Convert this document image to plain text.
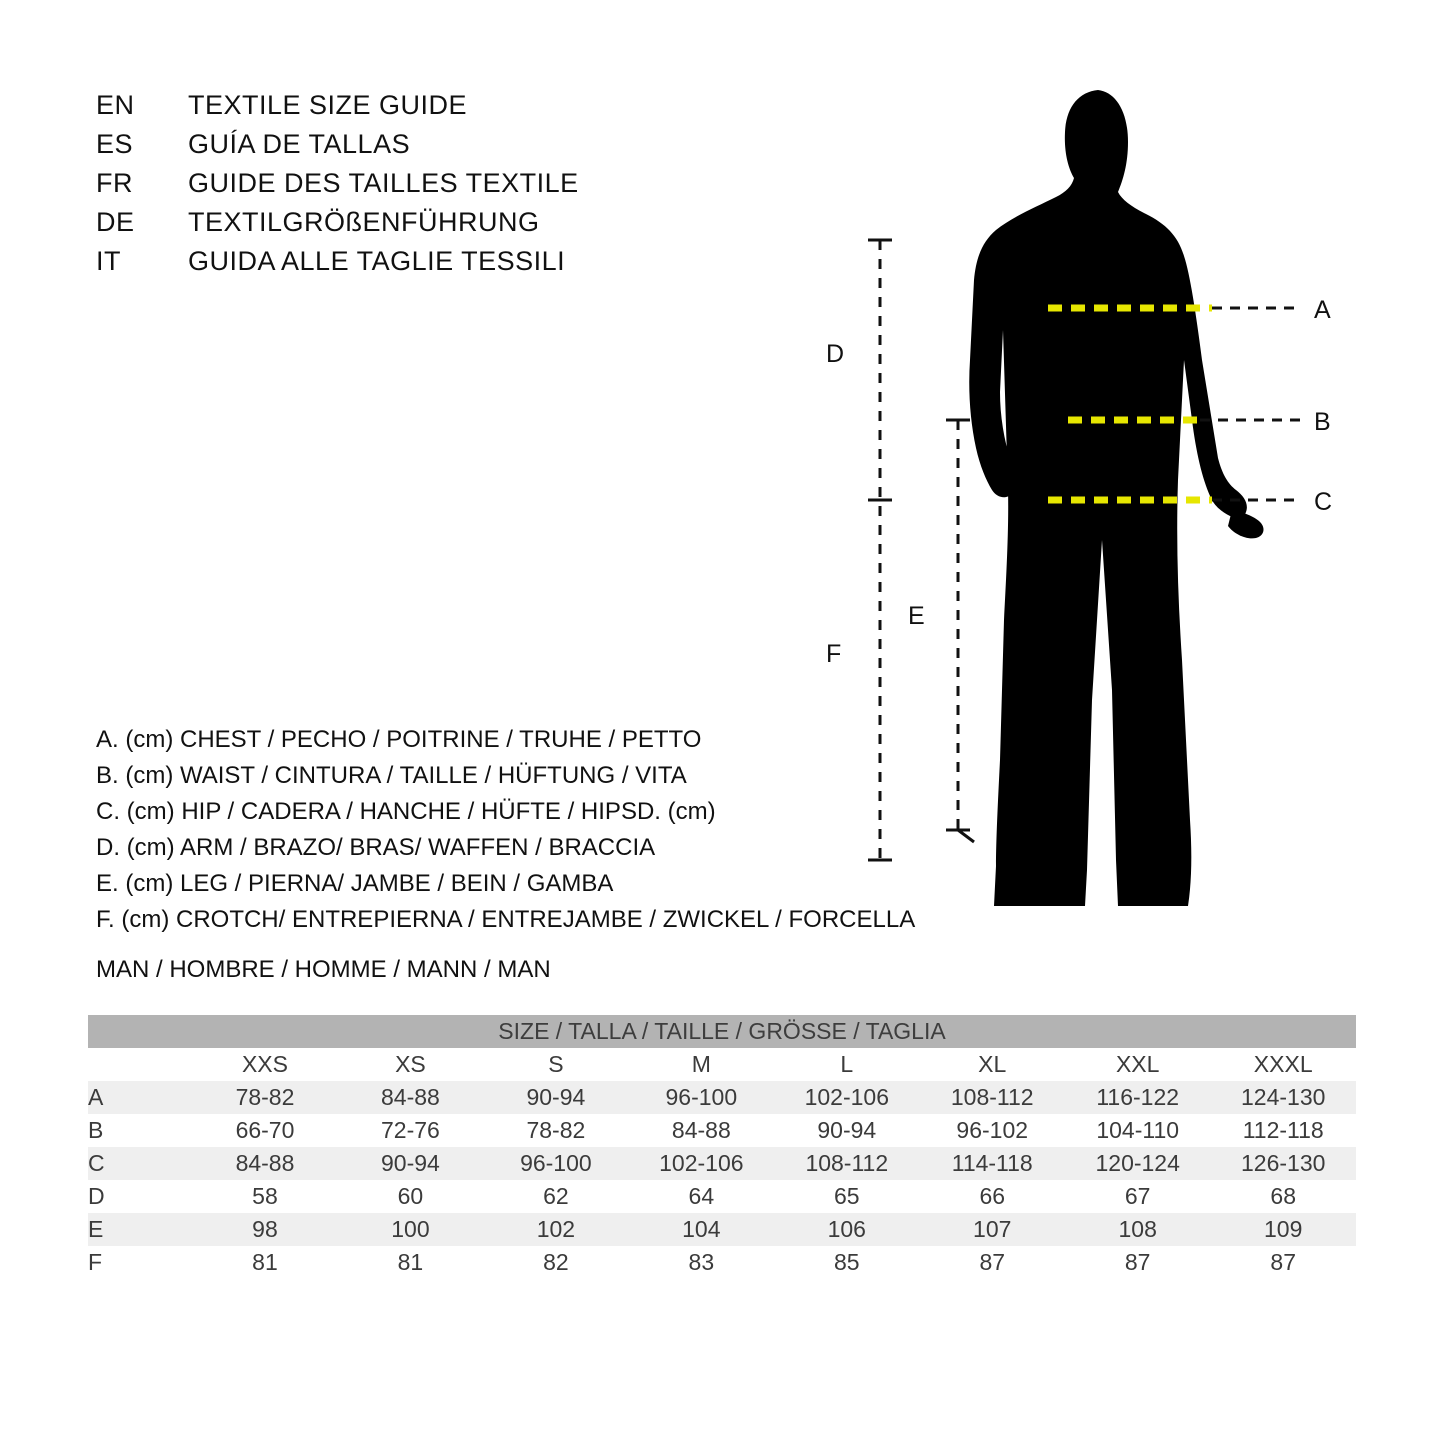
EN	TEXTILE SIZE GUIDE
ES	GUÍA DE TALLAS
FR	GUIDE DES TAILLES TEXTILE
DE	TEXTILGRÖßENFÜHRUNG
IT	GUIDA ALLE TAGLIE TESSILI
A
B
C
D
E
F
A. (cm) CHEST / PECHO / POITRINE / TRUHE / PETTO
B. (cm) WAIST / CINTURA / TAILLE / HÜFTUNG / VITA
C. (cm) HIP / CADERA / HANCHE / HÜFTE / HIPSD. (cm)
D. (cm) ARM / BRAZO/ BRAS/ WAFFEN / BRACCIA
E. (cm) LEG / PIERNA/ JAMBE / BEIN / GAMBA
F. (cm) CROTCH/ ENTREPIERNA / ENTREJAMBE / ZWICKEL / FORCELLA
MAN / HOMBRE / HOMME / MANN / MAN
SIZE / TALLA / TAILLE / GRÖSSE / TAGLIA								
	XXS	XS	S	M	L	XL	XXL	XXXL
A	78-82	84-88	90-94	96-100	102-106	108-112	116-122	124-130
B	66-70	72-76	78-82	84-88	90-94	96-102	104-110	112-118
C	84-88	90-94	96-100	102-106	108-112	114-118	120-124	126-130
D	58	60	62	64	65	66	67	68
E	98	100	102	104	106	107	108	109
F	81	81	82	83	85	87	87	87
